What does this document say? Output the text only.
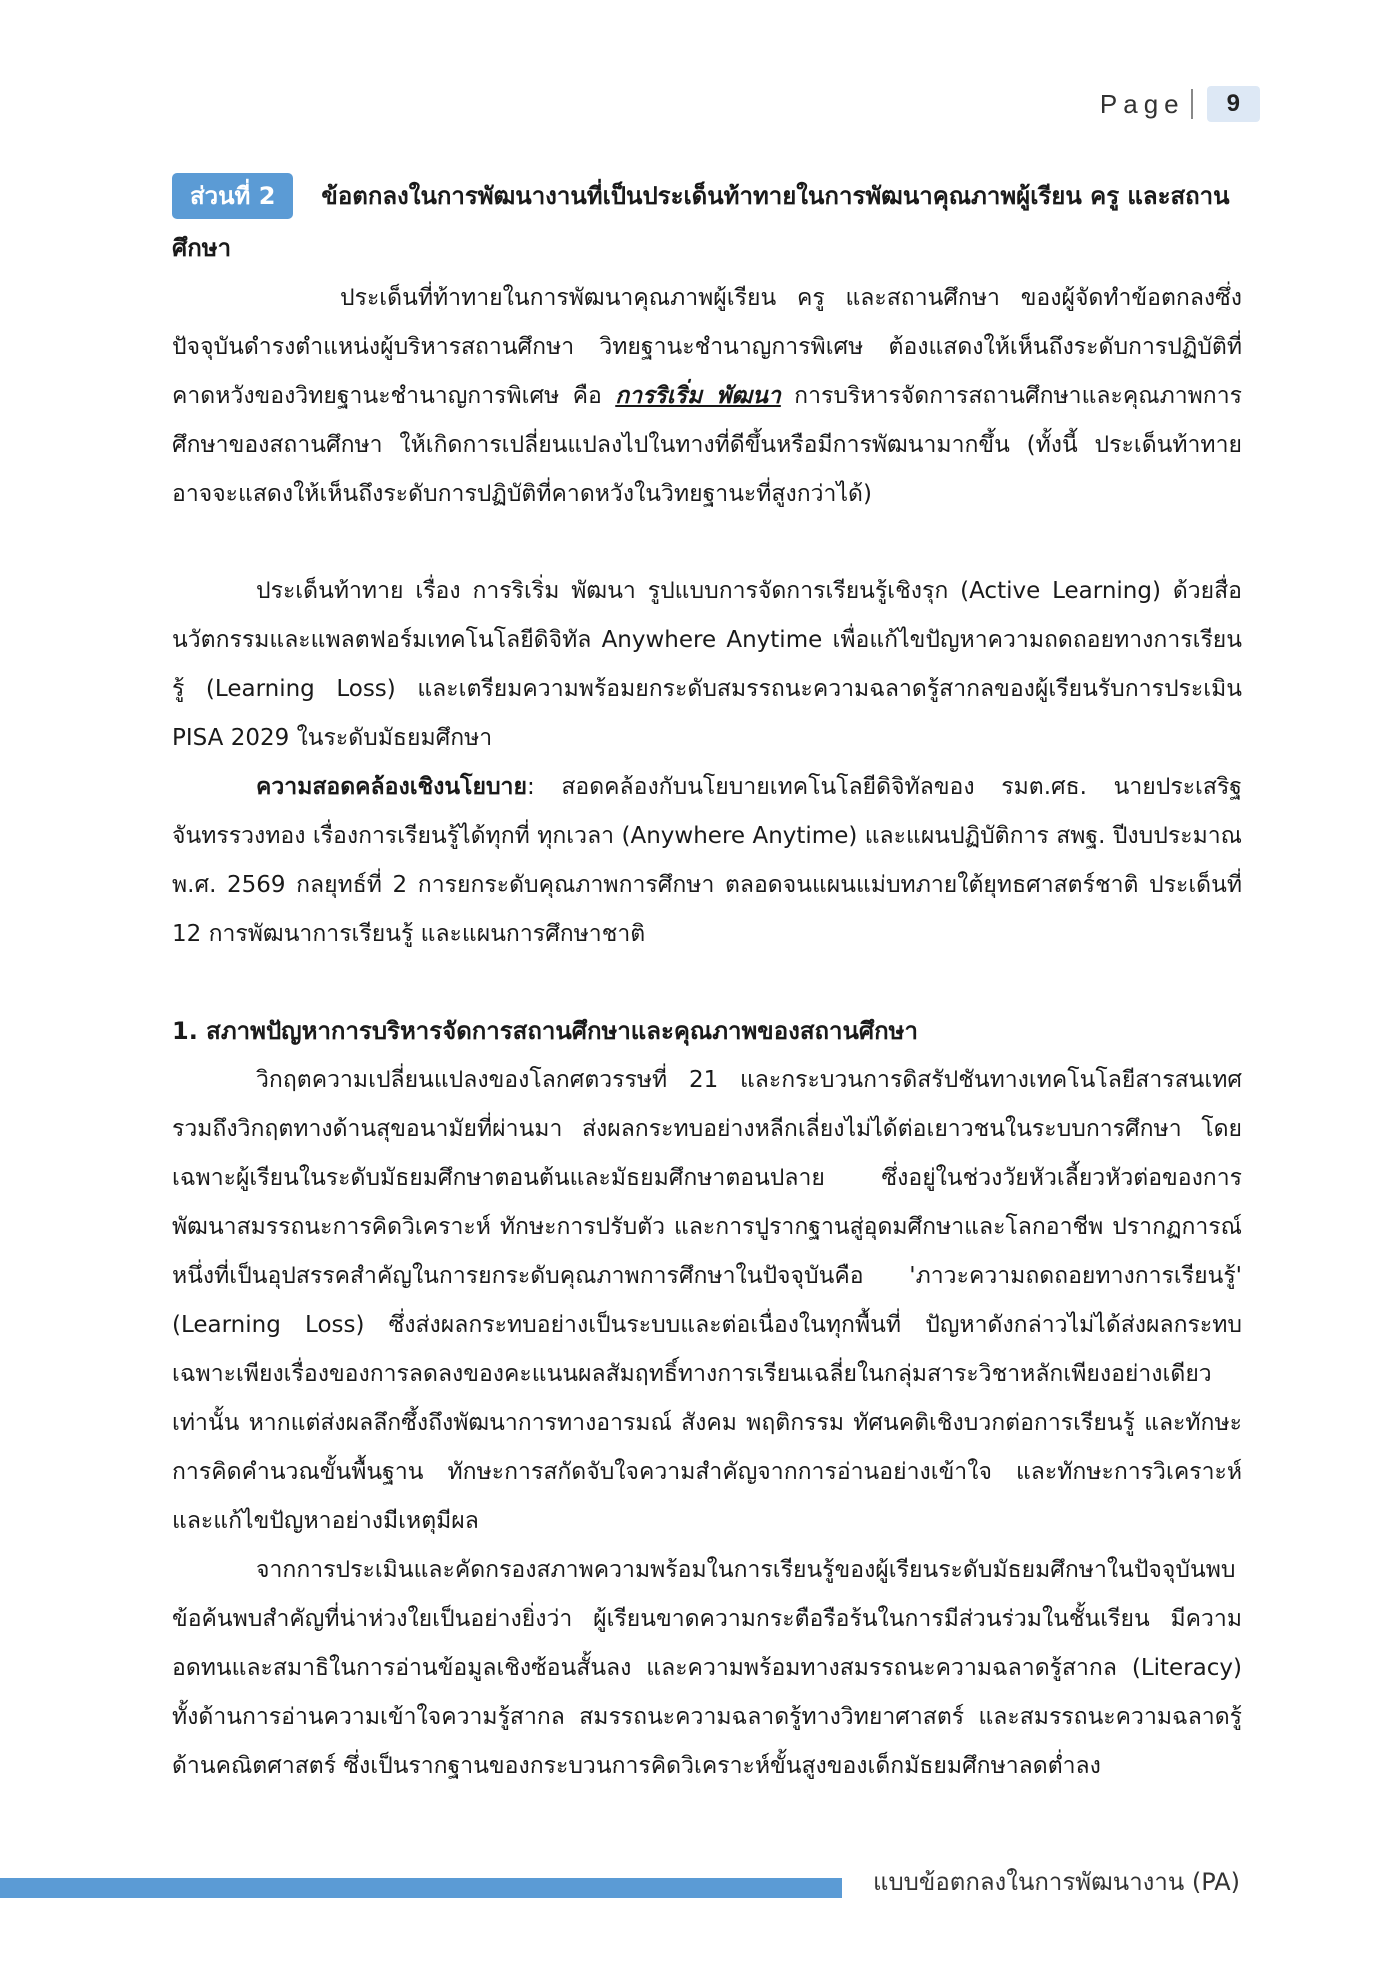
Page	9

ส่วนที่ 2 ข้อตกลงในการพัฒนางานที่เป็นประเด็นท้าทายในการพัฒนาคุณภาพผู้เรียน ครู และสถานศึกษา

ประเด็นที่ท้าทายในการพัฒนาคุณภาพผู้เรียน ครู และสถานศึกษา ของผู้จัดทำข้อตกลงซึ่งปัจจุบันดำรงตำแหน่งผู้บริหารสถานศึกษา วิทยฐานะชำนาญการพิเศษ ต้องแสดงให้เห็นถึงระดับการปฏิบัติที่คาดหวังของวิทยฐานะชำนาญการพิเศษ คือ การริเริ่ม พัฒนา การบริหารจัดการสถานศึกษาและคุณภาพการศึกษาของสถานศึกษา ให้เกิดการเปลี่ยนแปลงไปในทางที่ดีขึ้นหรือมีการพัฒนามากขึ้น (ทั้งนี้ ประเด็นท้าทายอาจจะแสดงให้เห็นถึงระดับการปฏิบัติที่คาดหวังในวิทยฐานะที่สูงกว่าได้)

ประเด็นท้าทาย เรื่อง การริเริ่ม พัฒนา รูปแบบการจัดการเรียนรู้เชิงรุก (Active Learning) ด้วยสื่อนวัตกรรมและแพลตฟอร์มเทคโนโลยีดิจิทัล Anywhere Anytime เพื่อแก้ไขปัญหาความถดถอยทางการเรียนรู้ (Learning Loss) และเตรียมความพร้อมยกระดับสมรรถนะความฉลาดรู้สากลของผู้เรียนรับการประเมิน PISA 2029 ในระดับมัธยมศึกษา

ความสอดคล้องเชิงนโยบาย: สอดคล้องกับนโยบายเทคโนโลยีดิจิทัลของ รมต.ศธ. นายประเสริฐ จันทรรวงทอง เรื่องการเรียนรู้ได้ทุกที่ ทุกเวลา (Anywhere Anytime) และแผนปฏิบัติการ สพฐ. ปีงบประมาณ พ.ศ. 2569 กลยุทธ์ที่ 2 การยกระดับคุณภาพการศึกษา ตลอดจนแผนแม่บทภายใต้ยุทธศาสตร์ชาติ ประเด็นที่ 12 การพัฒนาการเรียนรู้ และแผนการศึกษาชาติ

1. สภาพปัญหาการบริหารจัดการสถานศึกษาและคุณภาพของสถานศึกษา

วิกฤตความเปลี่ยนแปลงของโลกศตวรรษที่ 21 และกระบวนการดิสรัปชันทางเทคโนโลยีสารสนเทศ รวมถึงวิกฤตทางด้านสุขอนามัยที่ผ่านมา ส่งผลกระทบอย่างหลีกเลี่ยงไม่ได้ต่อเยาวชนในระบบการศึกษา โดยเฉพาะผู้เรียนในระดับมัธยมศึกษาตอนต้นและมัธยมศึกษาตอนปลาย ซึ่งอยู่ในช่วงวัยหัวเลี้ยวหัวต่อของการพัฒนาสมรรถนะการคิดวิเคราะห์ ทักษะการปรับตัว และการปูรากฐานสู่อุดมศึกษาและโลกอาชีพ ปรากฏการณ์หนึ่งที่เป็นอุปสรรคสำคัญในการยกระดับคุณภาพการศึกษาในปัจจุบันคือ 'ภาวะความถดถอยทางการเรียนรู้' (Learning Loss) ซึ่งส่งผลกระทบอย่างเป็นระบบและต่อเนื่องในทุกพื้นที่ ปัญหาดังกล่าวไม่ได้ส่งผลกระทบเฉพาะเพียงเรื่องของการลดลงของคะแนนผลสัมฤทธิ์ทางการเรียนเฉลี่ยในกลุ่มสาระวิชาหลักเพียงอย่างเดียวเท่านั้น หากแต่ส่งผลลึกซึ้งถึงพัฒนาการทางอารมณ์ สังคม พฤติกรรม ทัศนคติเชิงบวกต่อการเรียนรู้ และทักษะการคิดคำนวณขั้นพื้นฐาน ทักษะการสกัดจับใจความสำคัญจากการอ่านอย่างเข้าใจ และทักษะการวิเคราะห์และแก้ไขปัญหาอย่างมีเหตุมีผล

จากการประเมินและคัดกรองสภาพความพร้อมในการเรียนรู้ของผู้เรียนระดับมัธยมศึกษาในปัจจุบันพบข้อค้นพบสำคัญที่น่าห่วงใยเป็นอย่างยิ่งว่า ผู้เรียนขาดความกระตือรือร้นในการมีส่วนร่วมในชั้นเรียน มีความอดทนและสมาธิในการอ่านข้อมูลเชิงซ้อนสั้นลง และความพร้อมทางสมรรถนะความฉลาดรู้สากล (Literacy) ทั้งด้านการอ่านความเข้าใจความรู้สากล สมรรถนะความฉลาดรู้ทางวิทยาศาสตร์ และสมรรถนะความฉลาดรู้ด้านคณิตศาสตร์ ซึ่งเป็นรากฐานของกระบวนการคิดวิเคราะห์ขั้นสูงของเด็กมัธยมศึกษาลดต่ำลง

แบบข้อตกลงในการพัฒนางาน (PA)
